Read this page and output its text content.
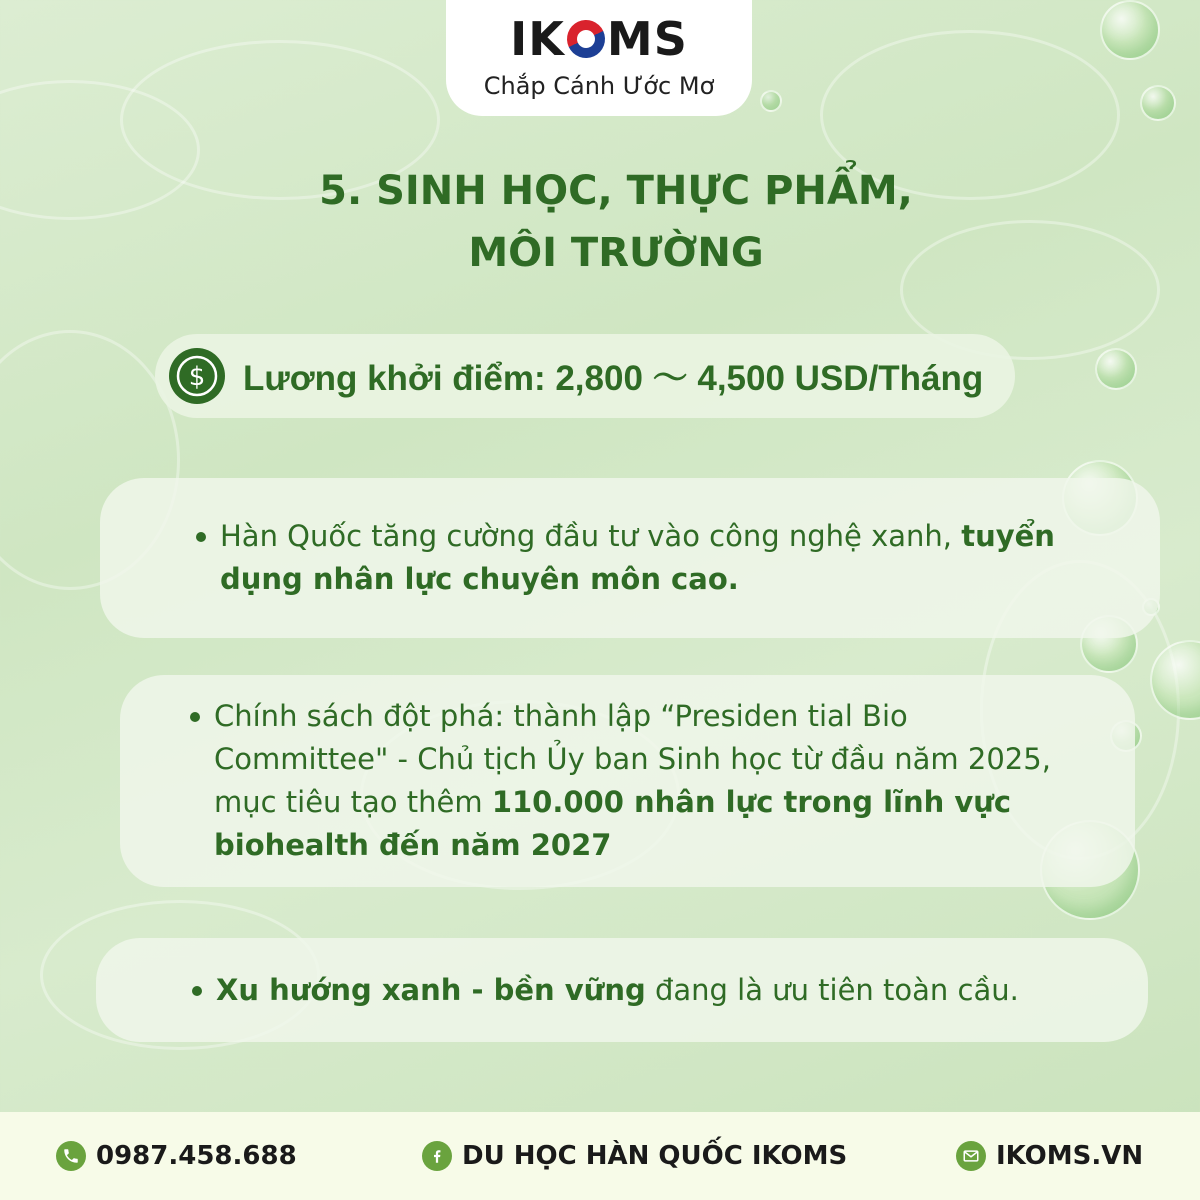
IK MS
Chắp Cánh Ước Mơ
5. SINH HỌC, THỰC PHẨM,
MÔI TRƯỜNG
$ Lương khởi điểm: 2,800 〜 4,500 USD/Tháng
Hàn Quốc tăng cường đầu tư vào công nghệ xanh, tuyển dụng nhân lực chuyên môn cao.
Chính sách đột phá: thành lập “Presiden tial Bio Committee" - Chủ tịch Ủy ban Sinh học từ đầu năm 2025, mục tiêu tạo thêm 110.000 nhân lực trong lĩnh vực biohealth đến năm 2027
Xu hướng xanh - bền vững đang là ưu tiên toàn cầu.
0987.458.688	DU HỌC HÀN QUỐC IKOMS	IKOMS.VN
